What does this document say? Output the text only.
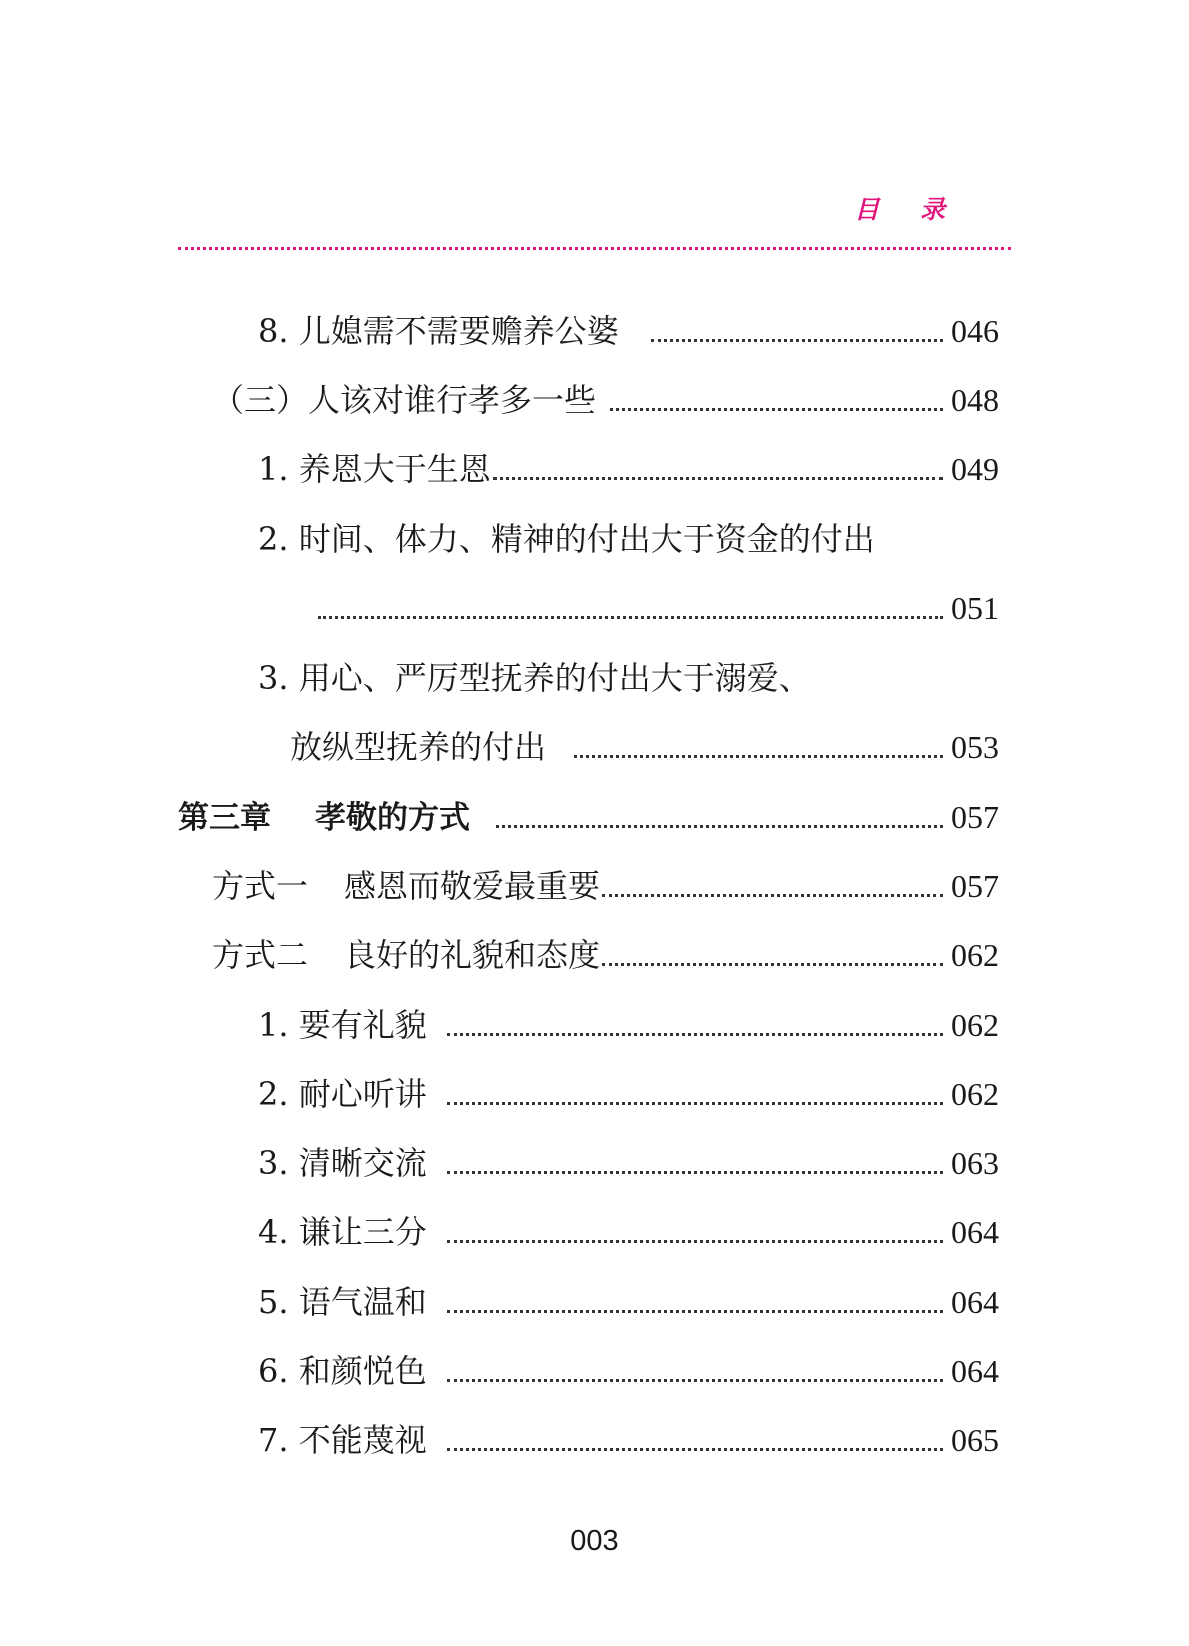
目 录
8. 儿媳需不需要赡养公婆	046
（三）人该对谁行孝多一些	048
1. 养恩大于生恩	049
2. 时间、体力、精神的付出大于资金的付出
051
3. 用心、严厉型抚养的付出大于溺爱、
放纵型抚养的付出	053
第三章 孝敬的方式	057
方式一 感恩而敬爱最重要	057
方式二 良好的礼貌和态度	062
1. 要有礼貌	062
2. 耐心听讲	062
3. 清晰交流	063
4. 谦让三分	064
5. 语气温和	064
6. 和颜悦色	064
7. 不能蔑视	065
003
